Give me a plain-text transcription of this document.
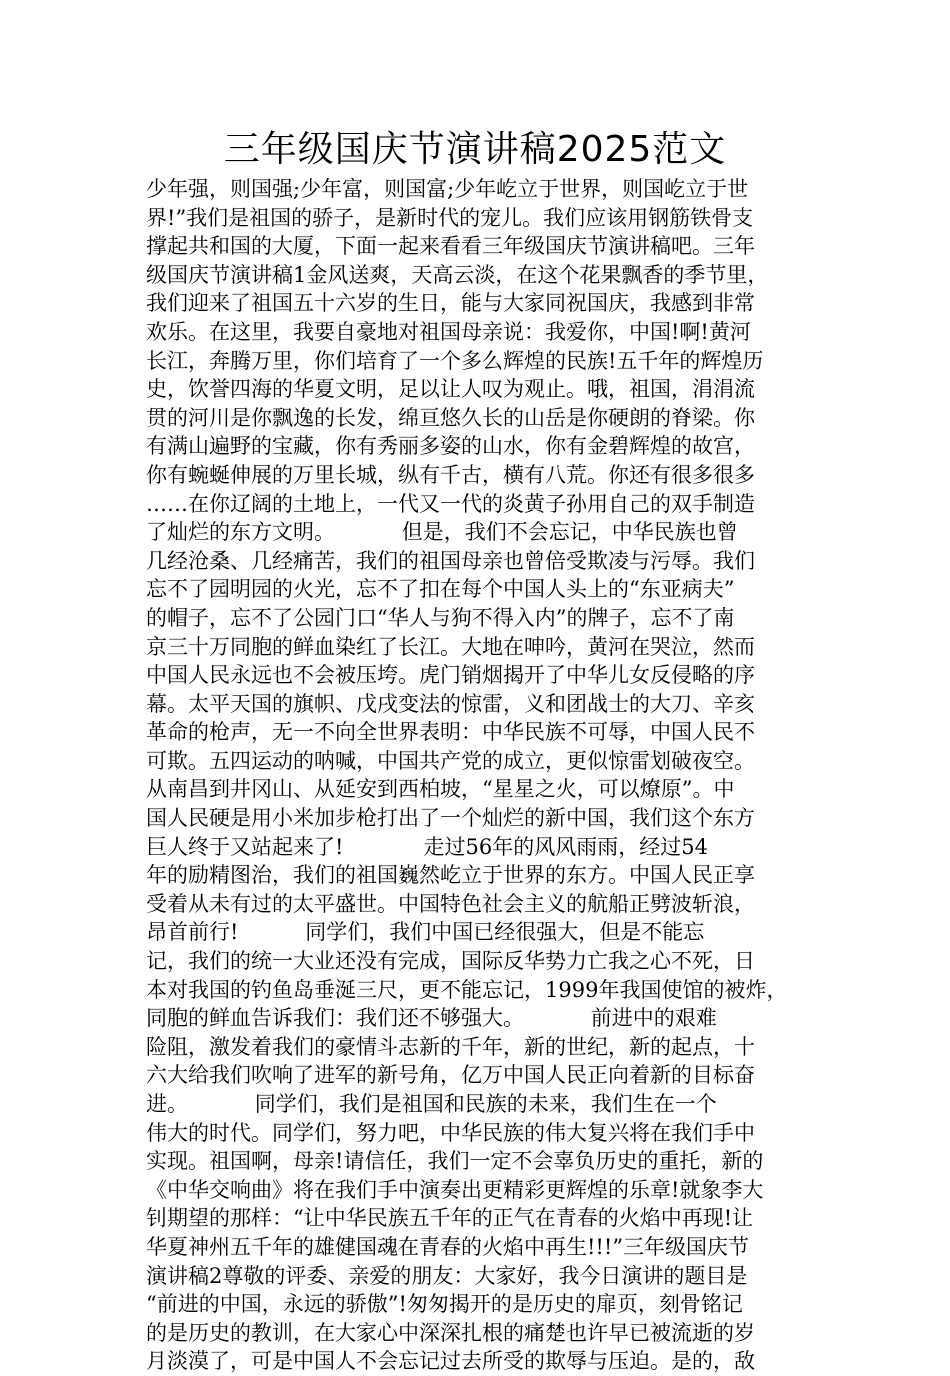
三年级国庆节演讲稿2025范文
少年强，则国强;少年富，则国富;少年屹立于世界，则国屹立于世
界!”我们是祖国的骄子，是新时代的宠儿。我们应该用钢筋铁骨支
撑起共和国的大厦，下面一起来看看三年级国庆节演讲稿吧。三年
级国庆节演讲稿1金风送爽，天高云淡，在这个花果飘香的季节里，
我们迎来了祖国五十六岁的生日，能与大家同祝国庆，我感到非常
欢乐。在这里，我要自豪地对祖国母亲说：我爱你，中国!啊!黄河
长江，奔腾万里，你们培育了一个多么辉煌的民族!五千年的辉煌历
史，饮誉四海的华夏文明，足以让人叹为观止。哦，祖国，涓涓流
贯的河川是你飘逸的长发，绵亘悠久长的山岳是你硬朗的脊梁。你
有满山遍野的宝藏，你有秀丽多姿的山水，你有金碧辉煌的故宫，
你有蜿蜒伸展的万里长城，纵有千古，横有八荒。你还有很多很多
……在你辽阔的土地上，一代又一代的炎黄子孙用自己的双手制造
了灿烂的东方文明。          但是，我们不会忘记，中华民族也曾
几经沧桑、几经痛苦，我们的祖国母亲也曾倍受欺凌与污辱。我们
忘不了园明园的火光，忘不了扣在每个中国人头上的“东亚病夫”
的帽子，忘不了公园门口“华人与狗不得入内”的牌子，忘不了南
京三十万同胞的鲜血染红了长江。大地在呻吟，黄河在哭泣，然而
中国人民永远也不会被压垮。虎门销烟揭开了中华儿女反侵略的序
幕。太平天国的旗帜、戊戌变法的惊雷，义和团战士的大刀、辛亥
革命的枪声，无一不向全世界表明：中华民族不可辱，中国人民不
可欺。五四运动的呐喊，中国共产党的成立，更似惊雷划破夜空。
从南昌到井冈山、从延安到西柏坡，“星星之火，可以燎原”。中
国人民硬是用小米加步枪打出了一个灿烂的新中国，我们这个东方
巨人终于又站起来了!            走过56年的风风雨雨，经过54
年的励精图治，我们的祖国巍然屹立于世界的东方。中国人民正享
受着从未有过的太平盛世。中国特色社会主义的航船正劈波斩浪，
昂首前行!          同学们，我们中国已经很强大，但是不能忘
记，我们的统一大业还没有完成，国际反华势力亡我之心不死，日
本对我国的钓鱼岛垂涎三尺，更不能忘记，1999年我国使馆的被炸，
同胞的鲜血告诉我们：我们还不够强大。          前进中的艰难
险阻，激发着我们的豪情斗志新的千年，新的世纪，新的起点，十
六大给我们吹响了进军的新号角，亿万中国人民正向着新的目标奋
进。          同学们，我们是祖国和民族的未来，我们生在一个
伟大的时代。同学们，努力吧，中华民族的伟大复兴将在我们手中
实现。祖国啊，母亲!请信任，我们一定不会辜负历史的重托，新的
《中华交响曲》将在我们手中演奏出更精彩更辉煌的乐章!就象李大
钊期望的那样：“让中华民族五千年的正气在青春的火焰中再现!让
华夏神州五千年的雄健国魂在青春的火焰中再生!!!”三年级国庆节
演讲稿2尊敬的评委、亲爱的朋友：大家好，我今日演讲的题目是
“前进的中国，永远的骄傲”!匆匆揭开的是历史的扉页，刻骨铭记
的是历史的教训，在大家心中深深扎根的痛楚也许早已被流逝的岁
月淡漠了，可是中国人不会忘记过去所受的欺辱与压迫。是的，敌
